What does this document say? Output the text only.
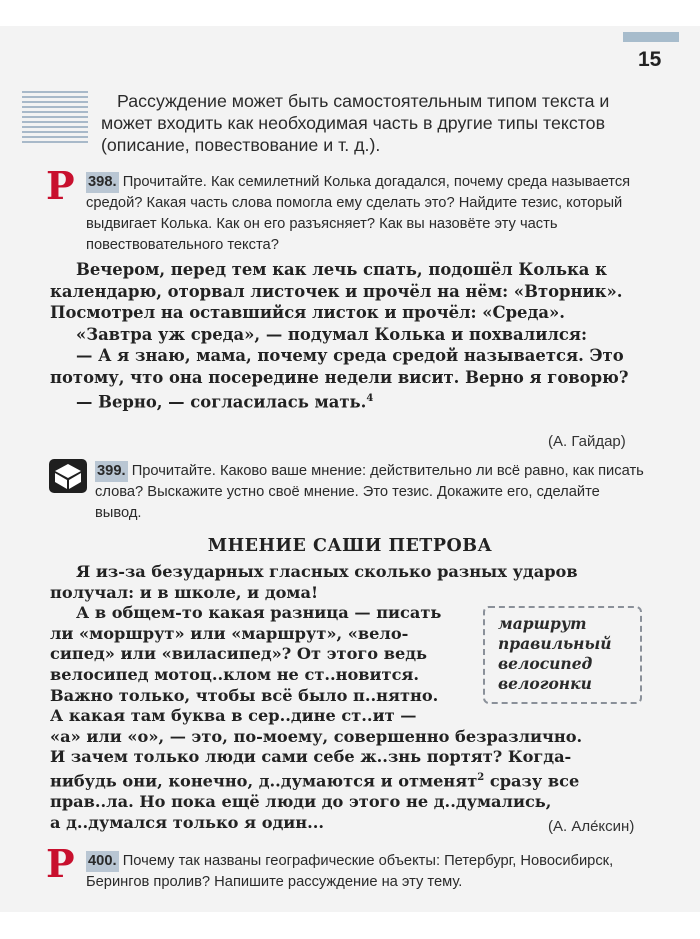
15
Рассуждение может быть самостоятельным типом текста и может входить как необходимая часть в другие типы текстов (описание, повествование и т. д.).
Р 398. Прочитайте. Как семилетний Колька догадался, почему среда называется средой? Какая часть слова помогла ему сделать это? Найдите тезис, который выдвигает Колька. Как он его разъясняет? Как вы назовёте эту часть повествовательного текста?

Вечером, перед тем как лечь спать, подошёл Колька к календарю, оторвал листочек и прочёл на нём: «Вторник». Посмотрел на оставшийся листок и прочёл: «Среда».

«Завтра уж среда», — подумал Колька и похвалился:

— А я знаю, мама, почему среда средой называется. Это потому, что она посередине недели висит. Верно я говорю?

— Верно, — согласилась мать.$^4$

(А. Гайдар)
399. Прочитайте. Каково ваше мнение: действительно ли всё равно, как писать слова? Выскажите устно своё мнение. Это тезис. Докажите его, сделайте вывод.
МНЕНИЕ САШИ ПЕТРОВА
Я из-за безударных гласных сколько разных ударов
получал: и в школе, и дома!
А в общем-то какая разница — писать
ли «моршрут» или «маршрут», «вело-
сипед» или «виласипед»? От этого ведь
велосипед мотоц..клом не ст..новится.
Важно только, чтобы всё было п..нятно.
А какая там буква в сер..дине ст..ит —
«а» или «о», — это, по-моему, совершенно безразлично.
И зачем только люди сами себе ж..знь портят? Когда-
нибудь они, конечно, д..думаются и отменят$^2$ сразу все
прав..ла. Но пока ещё люди до этого не д..думались,
а д..думался только я один...
маршрут
правильный
велосипед
велогонки
(А. Але́ксин)
Р 400. Почему так названы географические объекты: Петербург, Новосибирск, Берингов пролив? Напишите рассуждение на эту тему.
